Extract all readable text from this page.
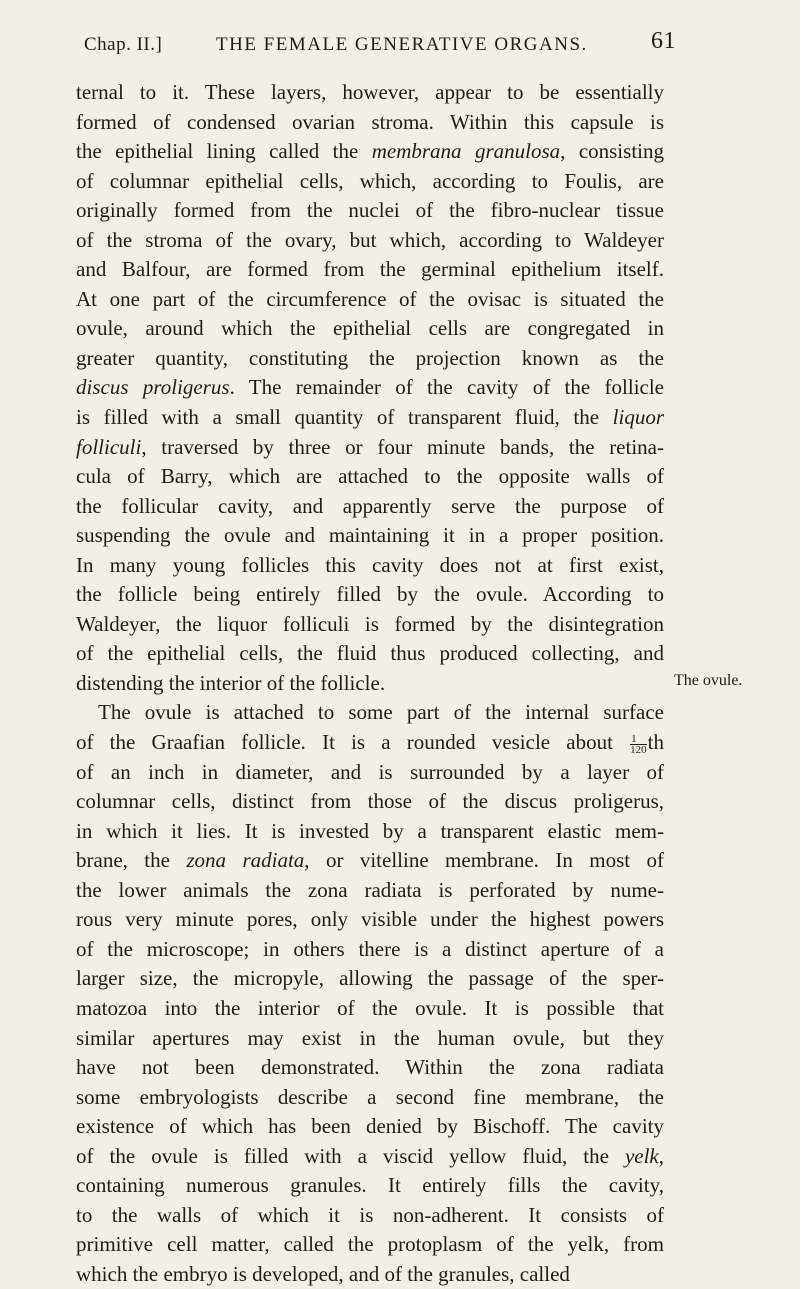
Chap. II.]	THE FEMALE GENERATIVE ORGANS.	61
ternal to it. These layers, however, appear to be essentially
formed of condensed ovarian stroma. Within this capsule is
the epithelial lining called the membrana granulosa, consisting
of columnar epithelial cells, which, according to Foulis, are
originally formed from the nuclei of the fibro-nuclear tissue
of the stroma of the ovary, but which, according to Waldeyer
and Balfour, are formed from the germinal epithelium itself.
At one part of the circumference of the ovisac is situated the
ovule, around which the epithelial cells are congregated in
greater quantity, constituting the projection known as the
discus proligerus. The remainder of the cavity of the follicle
is filled with a small quantity of transparent fluid, the liquor
folliculi, traversed by three or four minute bands, the retina-
cula of Barry, which are attached to the opposite walls of
the follicular cavity, and apparently serve the purpose of
suspending the ovule and maintaining it in a proper position.
In many young follicles this cavity does not at first exist,
the follicle being entirely filled by the ovule. According to
Waldeyer, the liquor folliculi is formed by the disintegration
of the epithelial cells, the fluid thus produced collecting, and
distending the interior of the follicle.
The ovule is attached to some part of the internal surface
of the Graafian follicle. It is a rounded vesicle about $\frac{1}{120}$ th
of an inch in diameter, and is surrounded by a layer of
columnar cells, distinct from those of the discus proligerus,
in which it lies. It is invested by a transparent elastic mem-
brane, the zona radiata, or vitelline membrane. In most of
the lower animals the zona radiata is perforated by nume-
rous very minute pores, only visible under the highest powers
of the microscope; in others there is a distinct aperture of a
larger size, the micropyle, allowing the passage of the sper-
matozoa into the interior of the ovule. It is possible that
similar apertures may exist in the human ovule, but they
have not been demonstrated. Within the zona radiata
some embryologists describe a second fine membrane, the
existence of which has been denied by Bischoff. The cavity
of the ovule is filled with a viscid yellow fluid, the yelk,
containing numerous granules. It entirely fills the cavity,
to the walls of which it is non-adherent. It consists of
primitive cell matter, called the protoplasm of the yelk, from
which the embryo is developed, and of the granules, called
The ovule.
